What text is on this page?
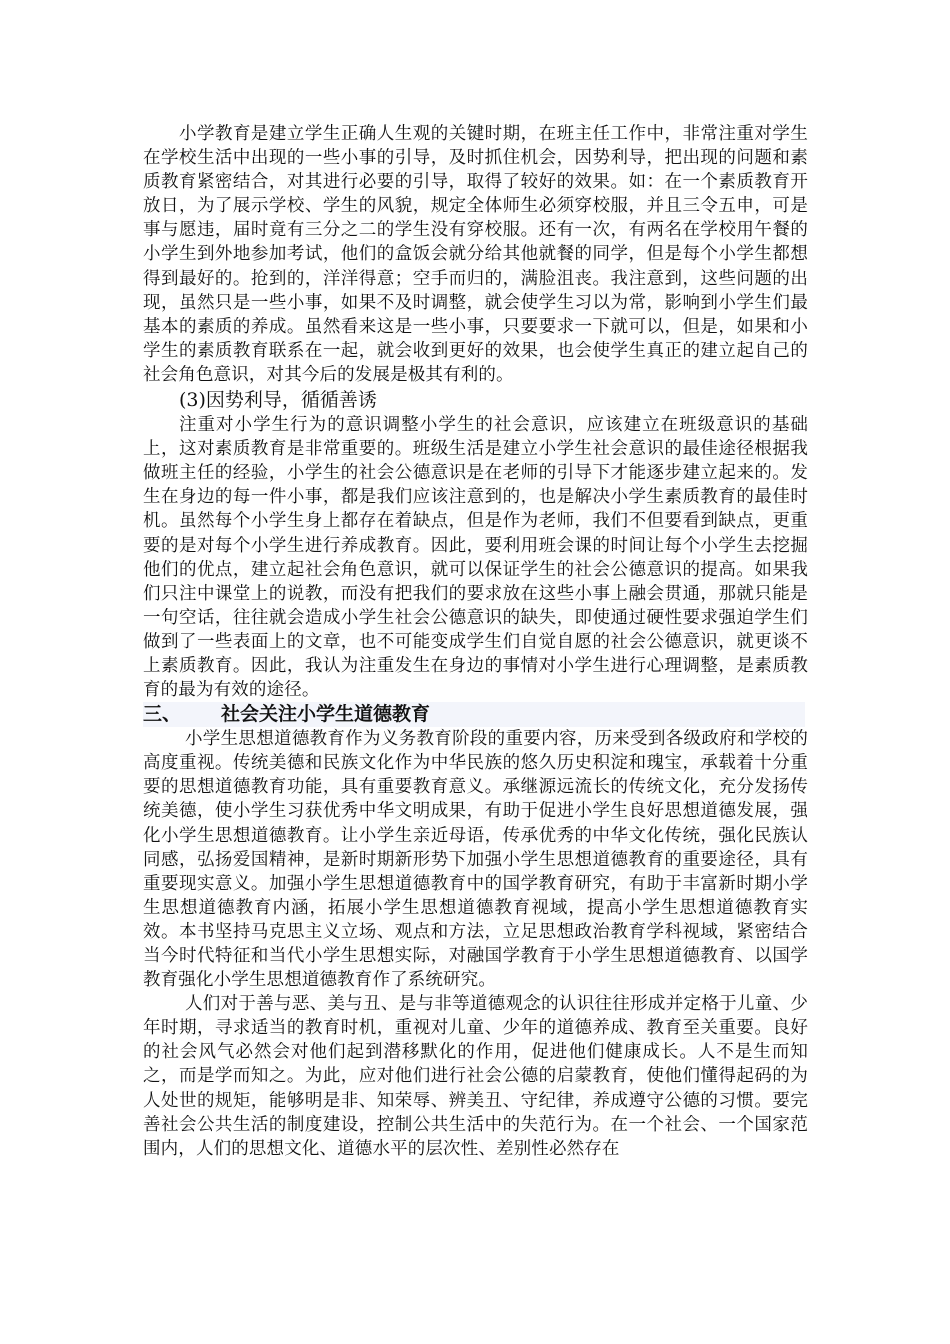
小学教育是建立学生正确人生观的关键时期，在班主任工作中，非常注重对学生在学校生活中出现的一些小事的引导，及时抓住机会，因势利导，把出现的问题和素质教育紧密结合，对其进行必要的引导，取得了较好的效果。如：在一个素质教育开放日，为了展示学校、学生的风貌，规定全体师生必须穿校服，并且三令五申，可是事与愿违，届时竟有三分之二的学生没有穿校服。还有一次，有两名在学校用午餐的小学生到外地参加考试，他们的盒饭会就分给其他就餐的同学，但是每个小学生都想得到最好的。抢到的，洋洋得意；空手而归的，满脸沮丧。我注意到，这些问题的出现，虽然只是一些小事，如果不及时调整，就会使学生习以为常，影响到小学生们最基本的素质的养成。虽然看来这是一些小事，只要要求一下就可以，但是，如果和小学生的素质教育联系在一起，就会收到更好的效果，也会使学生真正的建立起自己的社会角色意识，对其今后的发展是极其有利的。

(3)因势利导，循循善诱

注重对小学生行为的意识调整小学生的社会意识，应该建立在班级意识的基础上，这对素质教育是非常重要的。班级生活是建立小学生社会意识的最佳途径根据我做班主任的经验，小学生的社会公德意识是在老师的引导下才能逐步建立起来的。发生在身边的每一件小事，都是我们应该注意到的，也是解决小学生素质教育的最佳时机。虽然每个小学生身上都存在着缺点，但是作为老师，我们不但要看到缺点，更重要的是对每个小学生进行养成教育。因此，要利用班会课的时间让每个小学生去挖掘他们的优点，建立起社会角色意识，就可以保证学生的社会公德意识的提高。如果我们只注中课堂上的说教，而没有把我们的要求放在这些小事上融会贯通，那就只能是一句空话，往往就会造成小学生社会公德意识的缺失，即使通过硬性要求强迫学生们做到了一些表面上的文章，也不可能变成学生们自觉自愿的社会公德意识，就更谈不上素质教育。因此，我认为注重发生在身边的事情对小学生进行心理调整，是素质教育的最为有效的途径。

三、 社会关注小学生道德教育

小学生思想道德教育作为义务教育阶段的重要内容，历来受到各级政府和学校的高度重视。传统美德和民族文化作为中华民族的悠久历史积淀和瑰宝，承载着十分重要的思想道德教育功能，具有重要教育意义。承继源远流长的传统文化，充分发扬传统美德，使小学生习获优秀中华文明成果，有助于促进小学生良好思想道德发展，强化小学生思想道德教育。让小学生亲近母语，传承优秀的中华文化传统，强化民族认同感，弘扬爱国精神，是新时期新形势下加强小学生思想道德教育的重要途径，具有重要现实意义。加强小学生思想道德教育中的国学教育研究，有助于丰富新时期小学生思想道德教育内涵，拓展小学生思想道德教育视域，提高小学生思想道德教育实效。本书坚持马克思主义立场、观点和方法，立足思想政治教育学科视域，紧密结合当今时代特征和当代小学生思想实际，对融国学教育于小学生思想道德教育、以国学教育强化小学生思想道德教育作了系统研究。

人们对于善与恶、美与丑、是与非等道德观念的认识往往形成并定格于儿童、少年时期，寻求适当的教育时机，重视对儿童、少年的道德养成、教育至关重要。良好的社会风气必然会对他们起到潜移默化的作用，促进他们健康成长。人不是生而知之，而是学而知之。为此，应对他们进行社会公德的启蒙教育，使他们懂得起码的为人处世的规矩，能够明是非、知荣辱、辨美丑、守纪律，养成遵守公德的习惯。要完善社会公共生活的制度建设，控制公共生活中的失范行为。在一个社会、一个国家范围内，人们的思想文化、道德水平的层次性、差别性必然存在
